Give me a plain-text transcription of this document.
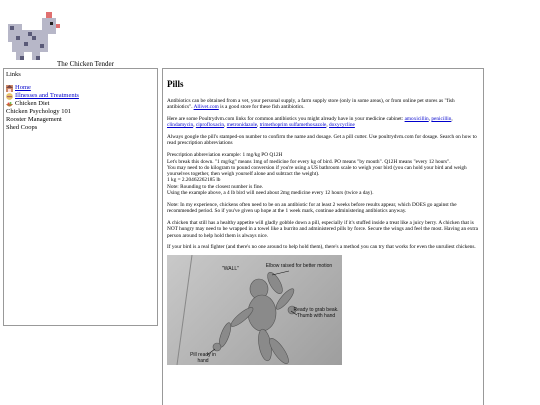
The Chicken Tender
Links
Home
Illnesses and Treatments
Chicken Diet
Chicken Psychology 101
Rooster Management
Shed Coops
Pills

Antibiotics can be obtained from a vet, your personal supply, a farm supply store (only in some areas), or from online pet stores as "fish antibiotics". Allivet.com is a good store for these fish antibiotics.

Here are some Poultrydvm.com links for common antibiotics you might already have in your medicine cabinet: amoxicillin, penicillin, clindamycin, ciprofloxacin, metronidazole, trimethoprim sulfamethoxazole, doxycycline

Always google the pill's stamped-on number to confirm the name and dosage. Get a pill cutter. Use poultrydvm.com for dosage. Search on how to read prescription abbreviations

Prescription abbreviation example: 1 mg/kg PO Q12H
Let's break this down. "1 mg/kg" means 1mg of medicine for every kg of bird. PO means "by mouth". Q12H means "every 12 hours".
You may need to do kilogram to pound conversion if you're using a US bathroom scale to weigh your bird (you can hold your bird and weigh yourselves together, then weigh yourself alone and subtract the weight).
1 kg = 2.20462262185 lb
Note: Rounding to the closest number is fine.
Using the example above, a 4 lb bird will need about 2mg medicine every 12 hours (twice a day).

Note: In my experience, chickens often need to be on an antibiotic for at least 2 weeks before results appear, which DOES go against the recommended period. So if you've given up hope at the 1 week mark, continue administering antibiotics anyway.

A chicken that still has a healthy appetite will gladly gobble down a pill, especially if it's stuffed inside a treat like a juicy berry. A chicken that is NOT hungry may need to be wrapped in a towel like a burrito and administered pills by force. Secure the wings and feel the most. Having an extra person around to help hold them is always nice.

If your bird is a real fighter (and there's no one around to help hold them), there's a method you can try that works for even the unruliest chickens.

"WALL"	Elbow raised for better motion
Ready to grab beak. Thumb with hand
Pill ready in hand
